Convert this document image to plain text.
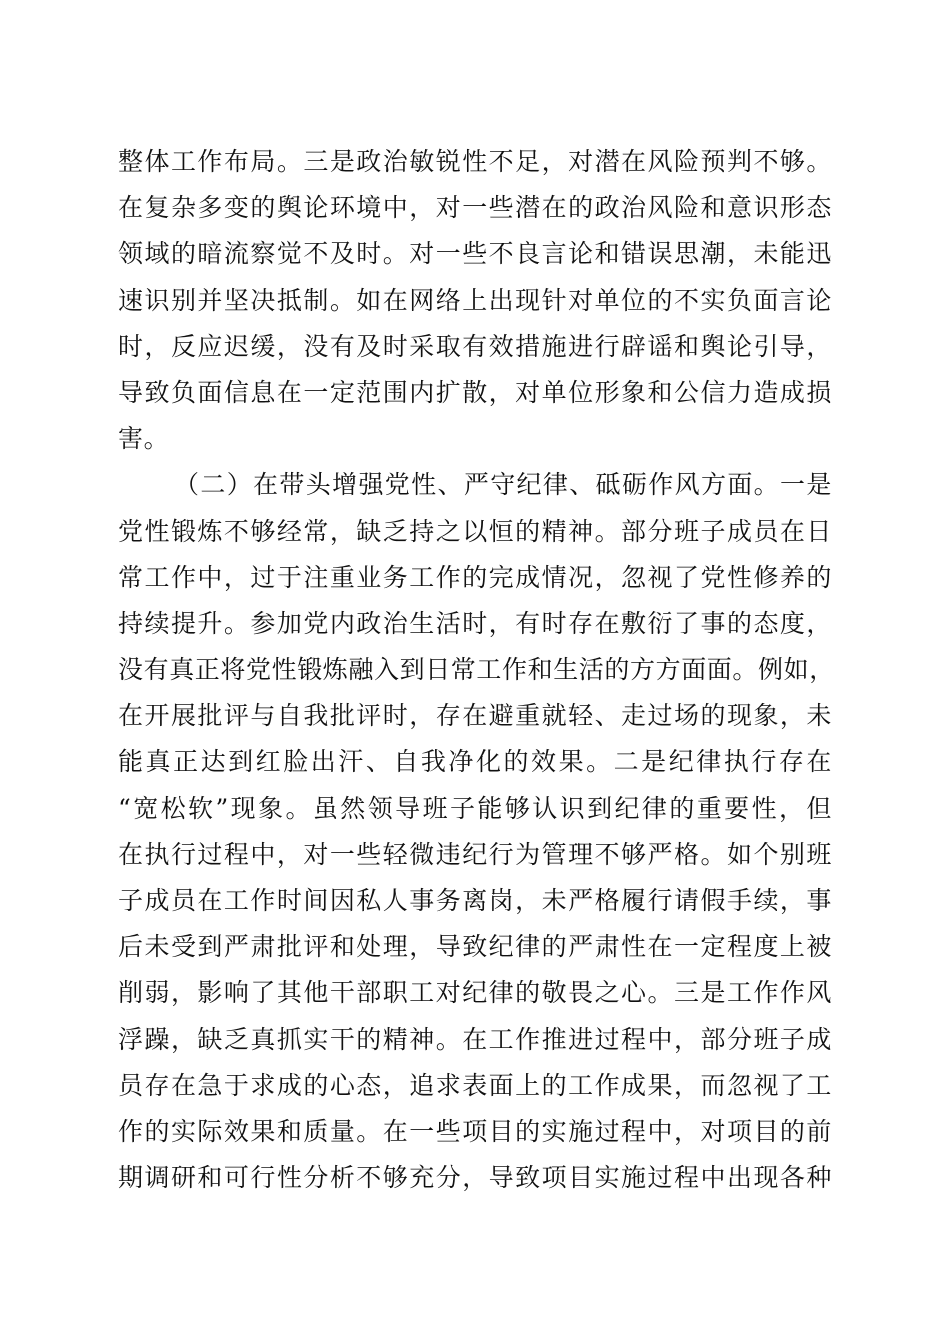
整体工作布局。三是政治敏锐性不足，对潜在风险预判不够。
在复杂多变的舆论环境中，对一些潜在的政治风险和意识形态
领域的暗流察觉不及时。对一些不良言论和错误思潮，未能迅
速识别并坚决抵制。如在网络上出现针对单位的不实负面言论
时，反应迟缓，没有及时采取有效措施进行辟谣和舆论引导，
导致负面信息在一定范围内扩散，对单位形象和公信力造成损
害。
（二）在带头增强党性、严守纪律、砥砺作风方面。一是
党性锻炼不够经常，缺乏持之以恒的精神。部分班子成员在日
常工作中，过于注重业务工作的完成情况，忽视了党性修养的
持续提升。参加党内政治生活时，有时存在敷衍了事的态度，
没有真正将党性锻炼融入到日常工作和生活的方方面面。例如，
在开展批评与自我批评时，存在避重就轻、走过场的现象，未
能真正达到红脸出汗、自我净化的效果。二是纪律执行存在
“宽松软”现象。虽然领导班子能够认识到纪律的重要性，但
在执行过程中，对一些轻微违纪行为管理不够严格。如个别班
子成员在工作时间因私人事务离岗，未严格履行请假手续，事
后未受到严肃批评和处理，导致纪律的严肃性在一定程度上被
削弱，影响了其他干部职工对纪律的敬畏之心。三是工作作风
浮躁，缺乏真抓实干的精神。在工作推进过程中，部分班子成
员存在急于求成的心态，追求表面上的工作成果，而忽视了工
作的实际效果和质量。在一些项目的实施过程中，对项目的前
期调研和可行性分析不够充分，导致项目实施过程中出现各种
